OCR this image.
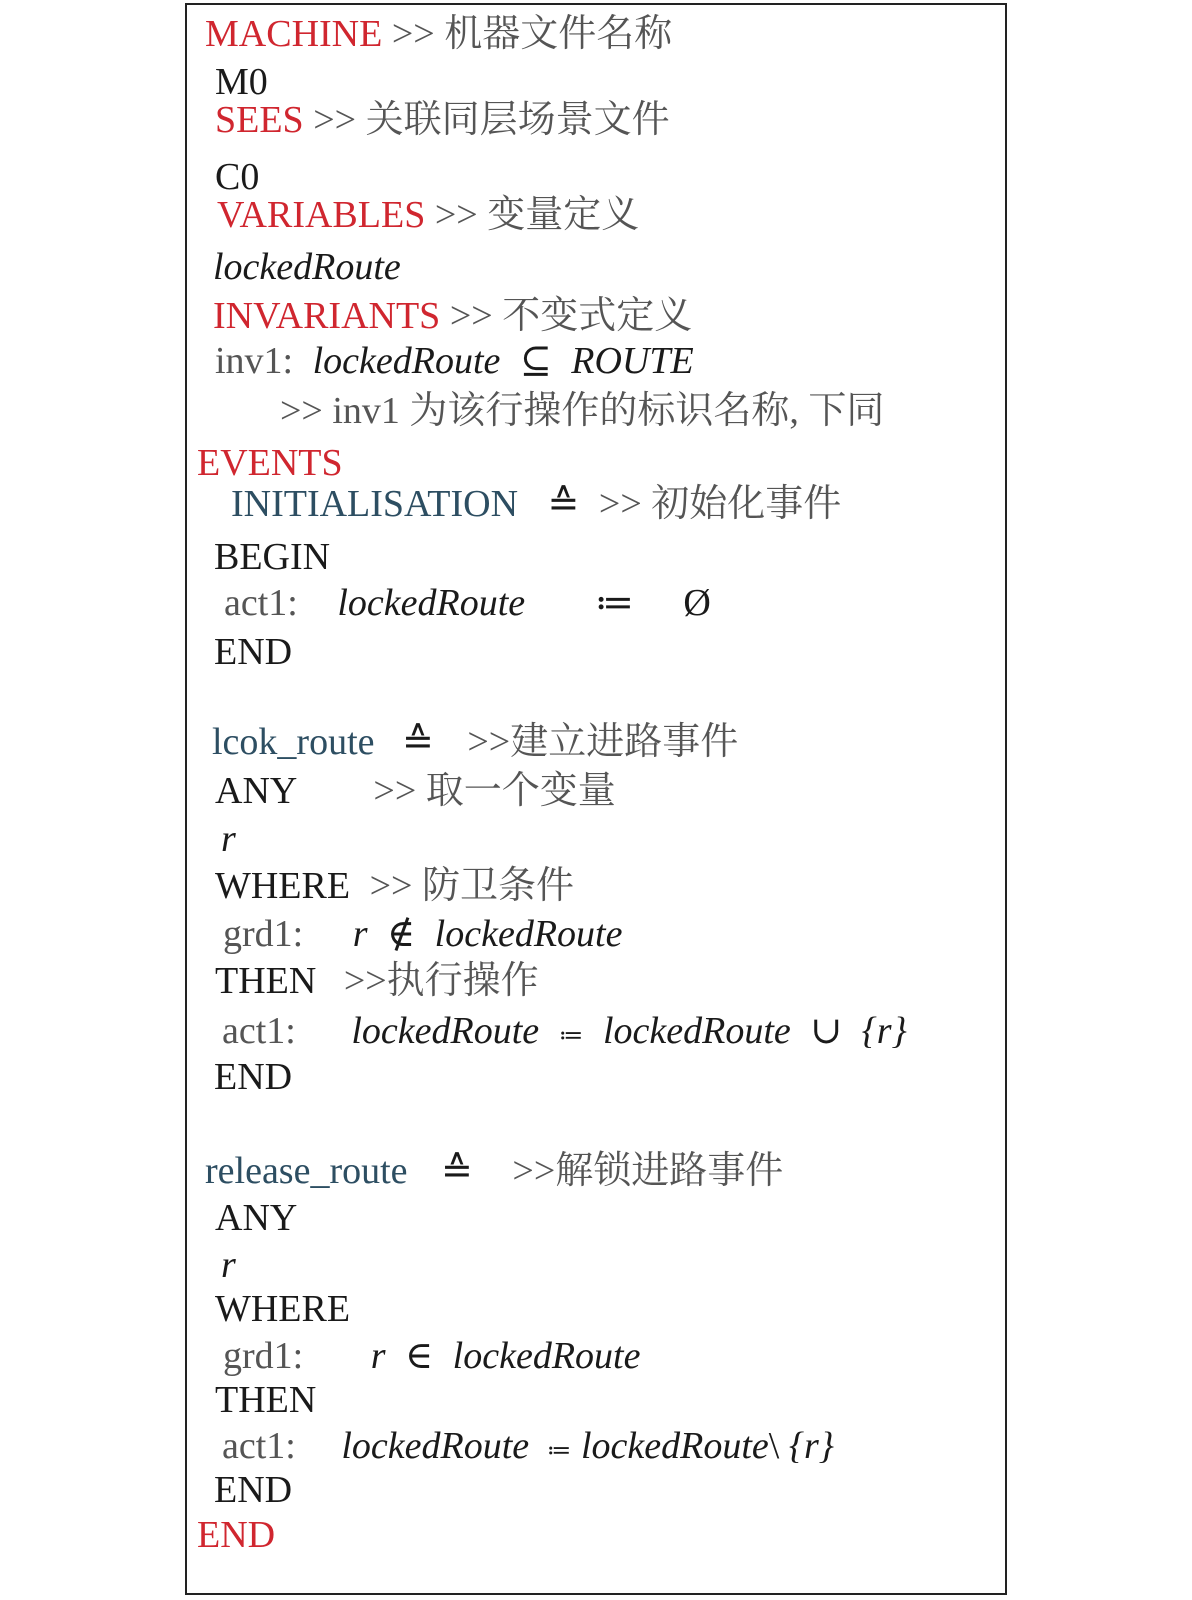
MACHINE >> 机器文件名称
M0
SEES >> 关联同层场景文件
C0
VARIABLES >> 变量定义
lockedRoute
INVARIANTS >> 不变式定义
inv1: lockedRoute ⊆ ROUTE
>> inv1 为该行操作的标识名称, 下同
EVENTS
INITIALISATION ≙ >> 初始化事件
BEGIN
act1: lockedRoute ≔ Ø
END
lcok_route ≙ >>建立进路事件
ANY >> 取一个变量
r
WHERE >> 防卫条件
grd1: r ∉ lockedRoute
THEN >>执行操作
act1: lockedRoute ≔ lockedRoute ∪ {r}
END
release_route ≙ >>解锁进路事件
ANY
r
WHERE
grd1: r ∈ lockedRoute
THEN
act1: lockedRoute ≔ lockedRoute\ {r}
END
END
